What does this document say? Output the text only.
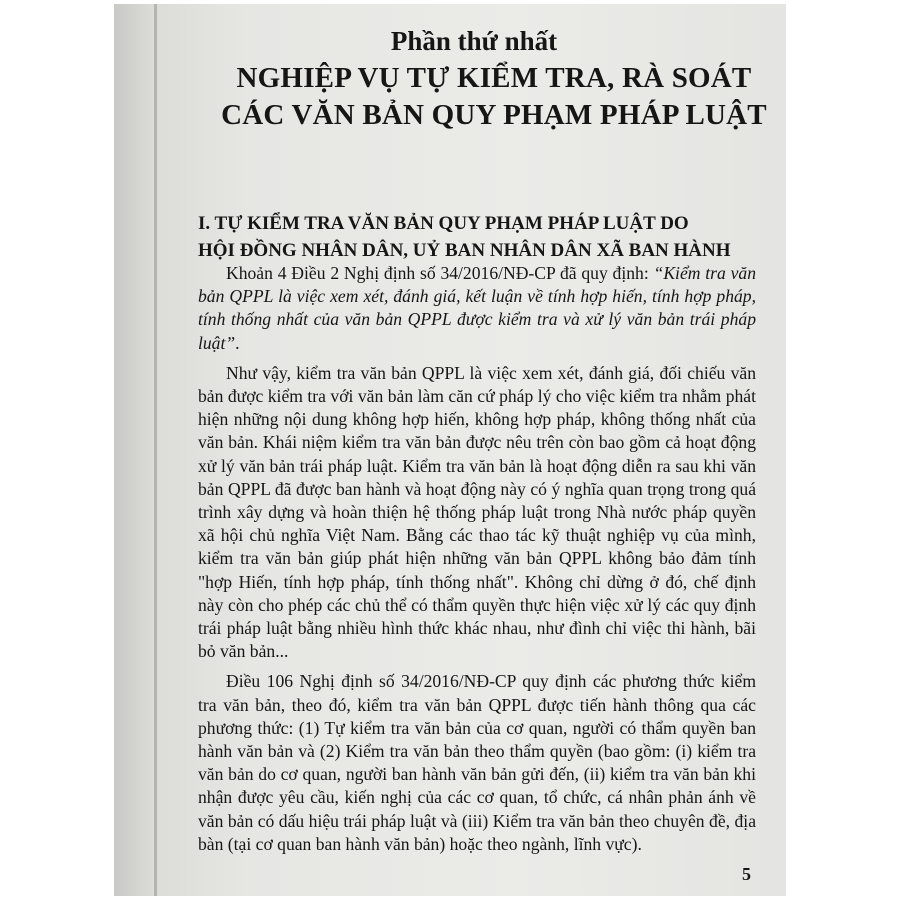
Phần thứ nhất
NGHIỆP VỤ TỰ KIỂM TRA, RÀ SOÁT
CÁC VĂN BẢN QUY PHẠM PHÁP LUẬT
I. TỰ KIỂM TRA VĂN BẢN QUY PHẠM PHÁP LUẬT DO
HỘI ĐỒNG NHÂN DÂN, UỶ BAN NHÂN DÂN XÃ BAN HÀNH

Khoản 4 Điều 2 Nghị định số 34/2016/NĐ-CP đã quy định: “Kiểm tra văn bản QPPL là việc xem xét, đánh giá, kết luận về tính hợp hiến, tính hợp pháp, tính thống nhất của văn bản QPPL được kiểm tra và xử lý văn bản trái pháp luật”.

Như vậy, kiểm tra văn bản QPPL là việc xem xét, đánh giá, đối chiếu văn bản được kiểm tra với văn bản làm căn cứ pháp lý cho việc kiểm tra nhằm phát hiện những nội dung không hợp hiến, không hợp pháp, không thống nhất của văn bản. Khái niệm kiểm tra văn bản được nêu trên còn bao gồm cả hoạt động xử lý văn bản trái pháp luật. Kiểm tra văn bản là hoạt động diễn ra sau khi văn bản QPPL đã được ban hành và hoạt động này có ý nghĩa quan trọng trong quá trình xây dựng và hoàn thiện hệ thống pháp luật trong Nhà nước pháp quyền xã hội chủ nghĩa Việt Nam. Bằng các thao tác kỹ thuật nghiệp vụ của mình, kiểm tra văn bản giúp phát hiện những văn bản QPPL không bảo đảm tính "hợp Hiến, tính hợp pháp, tính thống nhất". Không chỉ dừng ở đó, chế định này còn cho phép các chủ thể có thẩm quyền thực hiện việc xử lý các quy định trái pháp luật bằng nhiều hình thức khác nhau, như đình chỉ việc thi hành, bãi bỏ văn bản...

Điều 106 Nghị định số 34/2016/NĐ-CP quy định các phương thức kiểm tra văn bản, theo đó, kiểm tra văn bản QPPL được tiến hành thông qua các phương thức: (1) Tự kiểm tra văn bản của cơ quan, người có thẩm quyền ban hành văn bản và (2) Kiểm tra văn bản theo thẩm quyền (bao gồm: (i) kiểm tra văn bản do cơ quan, người ban hành văn bản gửi đến, (ii) kiểm tra văn bản khi nhận được yêu cầu, kiến nghị của các cơ quan, tổ chức, cá nhân phản ánh về văn bản có dấu hiệu trái pháp luật và (iii) Kiểm tra văn bản theo chuyên đề, địa bàn (tại cơ quan ban hành văn bản) hoặc theo ngành, lĩnh vực).

5
